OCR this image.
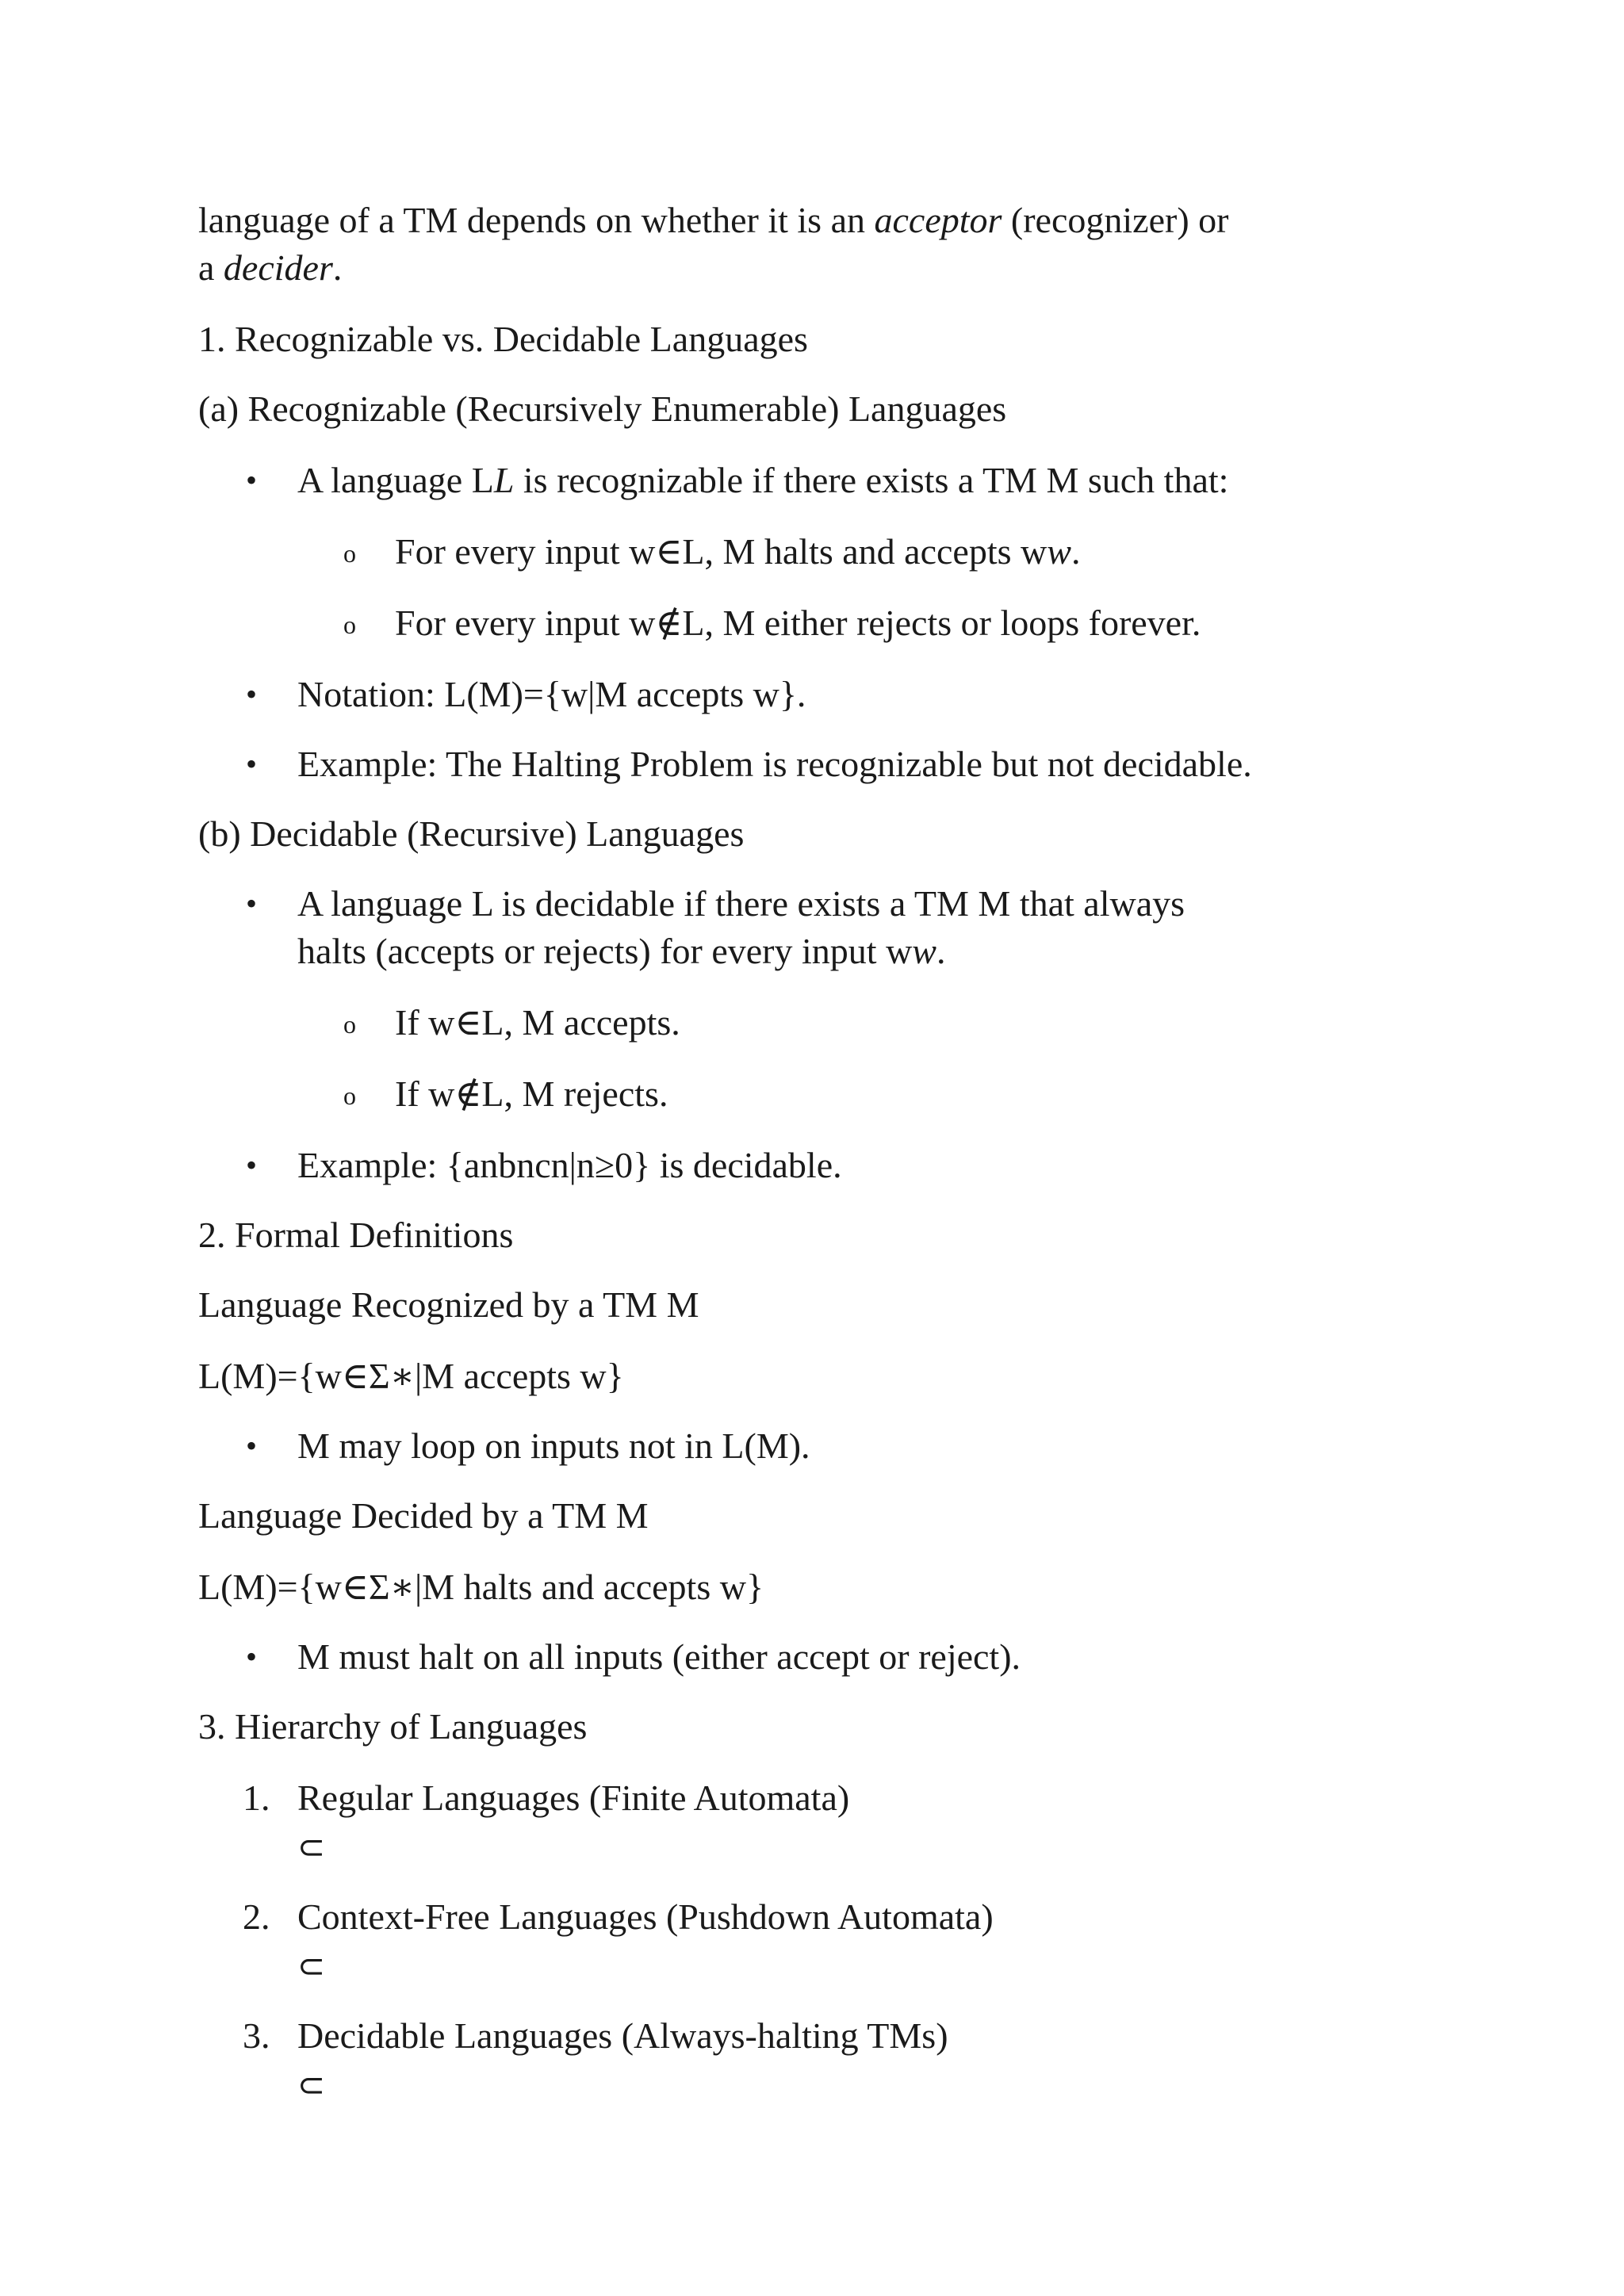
language of a TM depends on whether it is an acceptor (recognizer) or

a decider.

1. Recognizable vs. Decidable Languages

(a) Recognizable (Recursively Enumerable) Languages

• A language LL is recognizable if there exists a TM M such that:

o For every input w∈L, M halts and accepts ww.

o For every input w∉L, M either rejects or loops forever.

• Notation: L(M)={w|M accepts w}.

• Example: The Halting Problem is recognizable but not decidable.

(b) Decidable (Recursive) Languages

• A language L is decidable if there exists a TM M that always

halts (accepts or rejects) for every input ww.

o If w∈L, M accepts.

o If w∉L, M rejects.

• Example: {anbncn|n≥0} is decidable.

2. Formal Definitions

Language Recognized by a TM M

L(M)={w∈Σ∗|M accepts w}

• M may loop on inputs not in L(M).

Language Decided by a TM M

L(M)={w∈Σ∗|M halts and accepts w}

• M must halt on all inputs (either accept or reject).

3. Hierarchy of Languages

1. Regular Languages (Finite Automata)

⊂
2. Context-Free Languages (Pushdown Automata)

⊂
3. Decidable Languages (Always-halting TMs)

⊂
